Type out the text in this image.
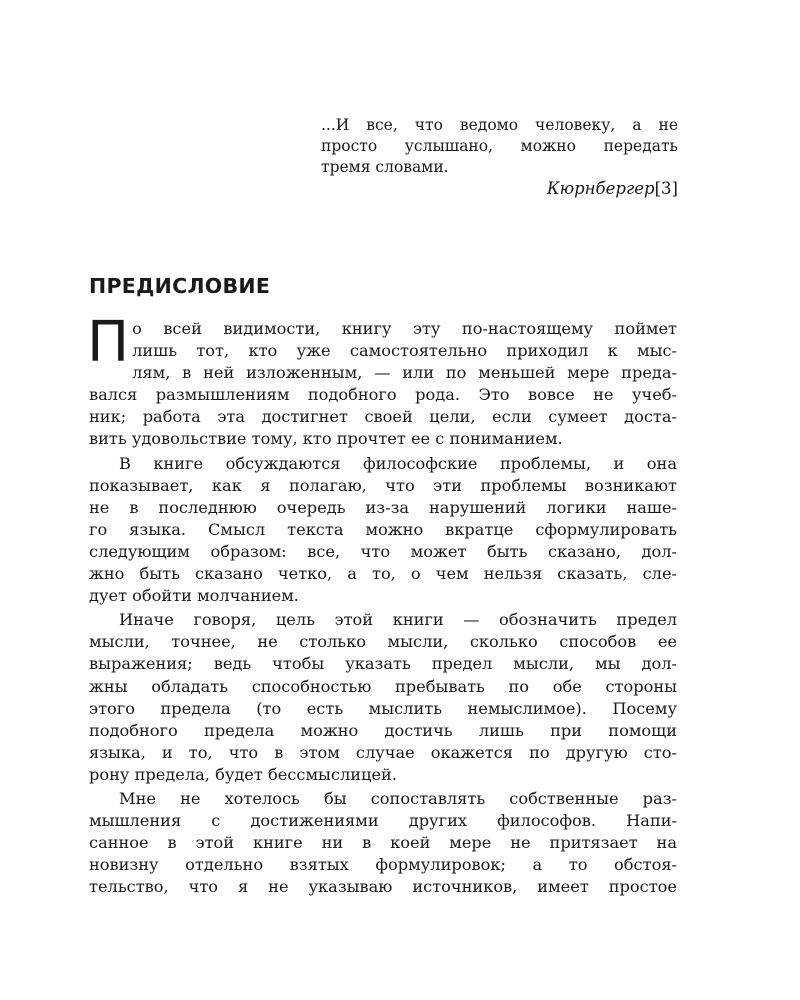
...И все, что ведомо человеку, а не
просто услышано, можно передать
тремя словами.
Кюрнбергер[3]
ПРЕДИСЛОВИЕ
П о всей видимости, книгу эту по-настоящему поймет
лишь тот, кто уже самостоятельно приходил к мыс-
лям, в ней изложенным, — или по меньшей мере преда-
вался размышлениям подобного рода. Это вовсе не учеб-
ник; работа эта достигнет своей цели, если сумеет доста-
вить удовольствие тому, кто прочтет ее с пониманием.
В книге обсуждаются философские проблемы, и она
показывает, как я полагаю, что эти проблемы возникают
не в последнюю очередь из-за нарушений логики наше-
го языка. Смысл текста можно вкратце сформулировать
следующим образом: все, что может быть сказано, дол-
жно быть сказано четко, а то, о чем нельзя сказать, сле-
дует обойти молчанием.
Иначе говоря, цель этой книги — обозначить предел
мысли, точнее, не столько мысли, сколько способов ее
выражения; ведь чтобы указать предел мысли, мы дол-
жны обладать способностью пребывать по обе стороны
этого предела (то есть мыслить немыслимое). Посему
подобного предела можно достичь лишь при помощи
языка, и то, что в этом случае окажется по другую сто-
рону предела, будет бессмыслицей.
Мне не хотелось бы сопоставлять собственные раз-
мышления с достижениями других философов. Напи-
санное в этой книге ни в коей мере не притязает на
новизну отдельно взятых формулировок; а то обстоя-
тельство, что я не указываю источников, имеет простое
